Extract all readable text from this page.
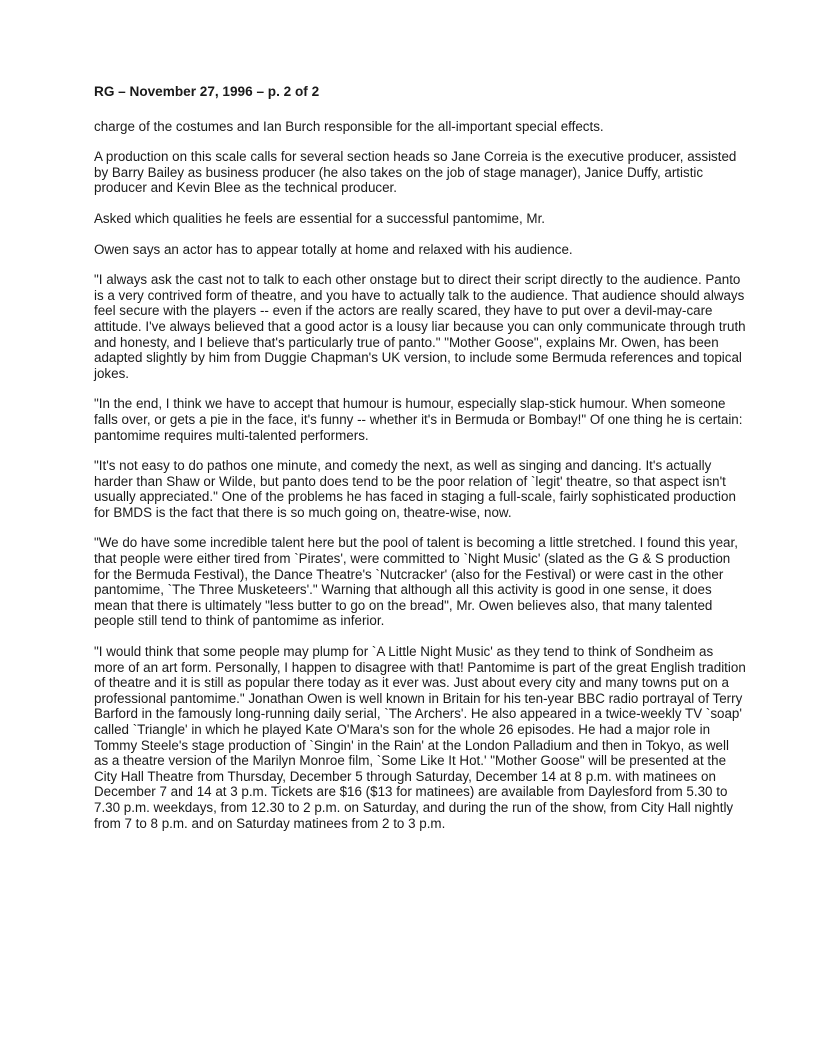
RG – November 27, 1996 – p. 2 of 2
charge of the costumes and Ian Burch responsible for the all-important special effects.
A production on this scale calls for several section heads so Jane Correia is the executive producer, assisted by Barry Bailey as business producer (he also takes on the job of stage manager), Janice Duffy, artistic producer and Kevin Blee as the technical producer.
Asked which qualities he feels are essential for a successful pantomime, Mr.
Owen says an actor has to appear totally at home and relaxed with his audience.
"I always ask the cast not to talk to each other onstage but to direct their script directly to the audience. Panto is a very contrived form of theatre, and you have to actually talk to the audience. That audience should always feel secure with the players -- even if the actors are really scared, they have to put over a devil-may-care attitude. I've always believed that a good actor is a lousy liar because you can only communicate through truth and honesty, and I believe that's particularly true of panto." "Mother Goose", explains Mr. Owen, has been adapted slightly by him from Duggie Chapman's UK version, to include some Bermuda references and topical jokes.
"In the end, I think we have to accept that humour is humour, especially slap-stick humour. When someone falls over, or gets a pie in the face, it's funny -- whether it's in Bermuda or Bombay!" Of one thing he is certain: pantomime requires multi-talented performers.
"It's not easy to do pathos one minute, and comedy the next, as well as singing and dancing. It's actually harder than Shaw or Wilde, but panto does tend to be the poor relation of `legit' theatre, so that aspect isn't usually appreciated." One of the problems he has faced in staging a full-scale, fairly sophisticated production for BMDS is the fact that there is so much going on, theatre-wise, now.
"We do have some incredible talent here but the pool of talent is becoming a little stretched. I found this year, that people were either tired from `Pirates', were committed to `Night Music' (slated as the G & S production for the Bermuda Festival), the Dance Theatre's `Nutcracker' (also for the Festival) or were cast in the other pantomime, `The Three Musketeers'." Warning that although all this activity is good in one sense, it does mean that there is ultimately "less butter to go on the bread", Mr. Owen believes also, that many talented people still tend to think of pantomime as inferior.
"I would think that some people may plump for `A Little Night Music' as they tend to think of Sondheim as more of an art form. Personally, I happen to disagree with that! Pantomime is part of the great English tradition of theatre and it is still as popular there today as it ever was. Just about every city and many towns put on a professional pantomime." Jonathan Owen is well known in Britain for his ten-year BBC radio portrayal of Terry Barford in the famously long-running daily serial, `The Archers'. He also appeared in a twice-weekly TV `soap' called `Triangle' in which he played Kate O'Mara's son for the whole 26 episodes. He had a major role in Tommy Steele's stage production of `Singin' in the Rain' at the London Palladium and then in Tokyo, as well as a theatre version of the Marilyn Monroe film, `Some Like It Hot.' "Mother Goose" will be presented at the City Hall Theatre from Thursday, December 5 through Saturday, December 14 at 8 p.m. with matinees on December 7 and 14 at 3 p.m. Tickets are $16 ($13 for matinees) are available from Daylesford from 5.30 to 7.30 p.m. weekdays, from 12.30 to 2 p.m. on Saturday, and during the run of the show, from City Hall nightly from 7 to 8 p.m. and on Saturday matinees from 2 to 3 p.m.
